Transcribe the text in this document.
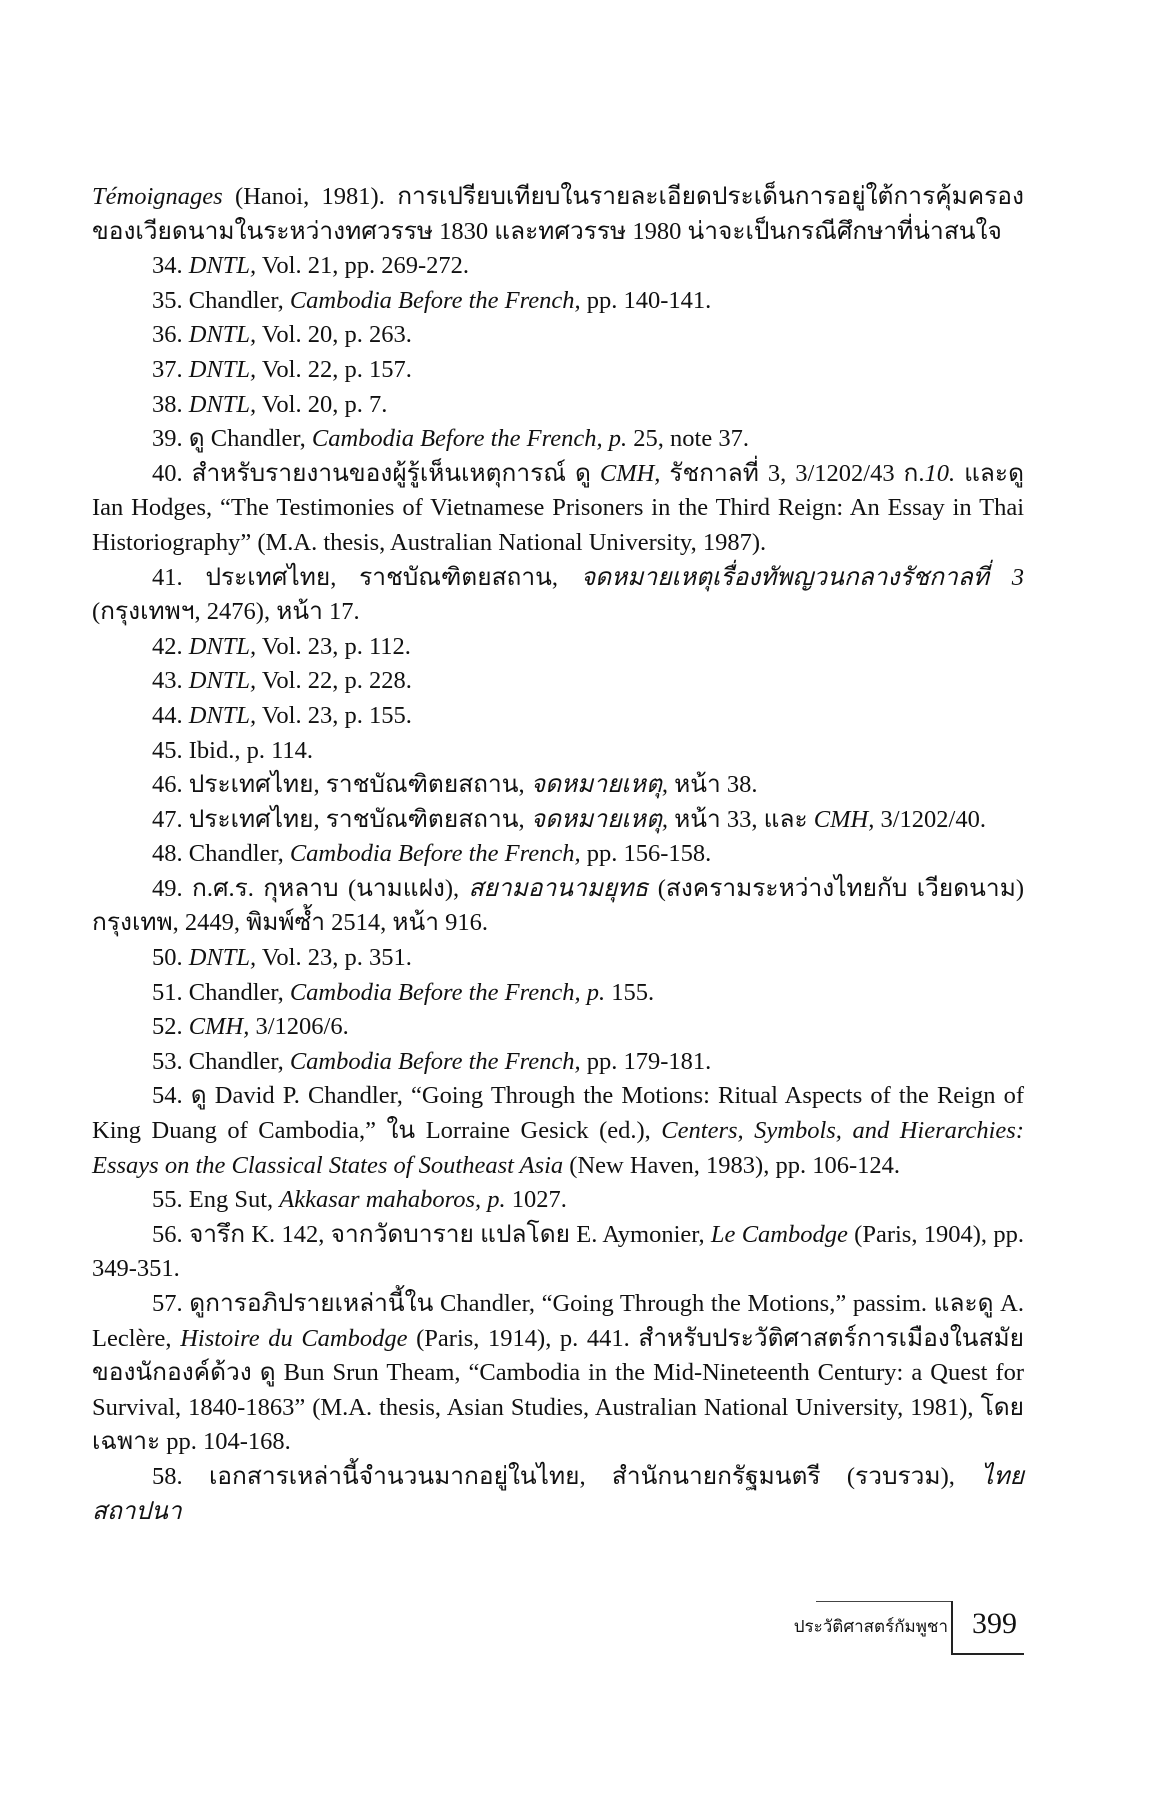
Témoignages (Hanoi, 1981). การเปรียบเทียบในรายละเอียดประเด็นการอยู่ใต้การคุ้มครองของเวียดนามในระหว่างทศวรรษ 1830 และทศวรรษ 1980 น่าจะเป็นกรณีศึกษาที่น่าสนใจ

34. DNTL, Vol. 21, pp. 269-272.

35. Chandler, Cambodia Before the French, pp. 140-141.

36. DNTL, Vol. 20, p. 263.

37. DNTL, Vol. 22, p. 157.

38. DNTL, Vol. 20, p. 7.

39. ดู Chandler, Cambodia Before the French, p. 25, note 37.

40. สำหรับรายงานของผู้รู้เห็นเหตุการณ์ ดู CMH, รัชกาลที่ 3, 3/1202/43 ก.10. และดู Ian Hodges, “The Testimonies of Vietnamese Prisoners in the Third Reign: An Essay in Thai Historiography” (M.A. thesis, Australian National University, 1987).

41. ประเทศไทย, ราชบัณฑิตยสถาน, จดหมายเหตุเรื่องทัพญวนกลางรัชกาลที่ 3 (กรุงเทพฯ, 2476), หน้า 17.

42. DNTL, Vol. 23, p. 112.

43. DNTL, Vol. 22, p. 228.

44. DNTL, Vol. 23, p. 155.

45. Ibid., p. 114.

46. ประเทศไทย, ราชบัณฑิตยสถาน, จดหมายเหตุ, หน้า 38.

47. ประเทศไทย, ราชบัณฑิตยสถาน, จดหมายเหตุ, หน้า 33, และ CMH, 3/1202/40.

48. Chandler, Cambodia Before the French, pp. 156-158.

49. ก.ศ.ร. กุหลาบ (นามแฝง), สยามอานามยุทธ (สงครามระหว่างไทยกับ เวียดนาม) กรุงเทพ, 2449, พิมพ์ซ้ำ 2514, หน้า 916.

50. DNTL, Vol. 23, p. 351.

51. Chandler, Cambodia Before the French, p. 155.

52. CMH, 3/1206/6.

53. Chandler, Cambodia Before the French, pp. 179-181.

54. ดู David P. Chandler, “Going Through the Motions: Ritual Aspects of the Reign of King Duang of Cambodia,” ใน Lorraine Gesick (ed.), Centers, Symbols, and Hierarchies: Essays on the Classical States of Southeast Asia (New Haven, 1983), pp. 106-124.

55. Eng Sut, Akkasar mahaboros, p. 1027.

56. จารึก K. 142, จากวัดบาราย แปลโดย E. Aymonier, Le Cambodge (Paris, 1904), pp. 349-351.

57. ดูการอภิปรายเหล่านี้ใน Chandler, “Going Through the Motions,” passim. และดู A. Leclère, Histoire du Cambodge (Paris, 1914), p. 441. สำหรับประวัติศาสตร์การเมืองในสมัยของนักองค์ด้วง ดู Bun Srun Theam, “Cambodia in the Mid-Nineteenth Century: a Quest for Survival, 1840-1863” (M.A. thesis, Asian Studies, Australian National University, 1981), โดยเฉพาะ pp. 104-168.

58. เอกสารเหล่านี้จำนวนมากอยู่ในไทย, สำนักนายกรัฐมนตรี (รวบรวม), ไทยสถาปนา

ประวัติศาสตร์กัมพูชา 399
